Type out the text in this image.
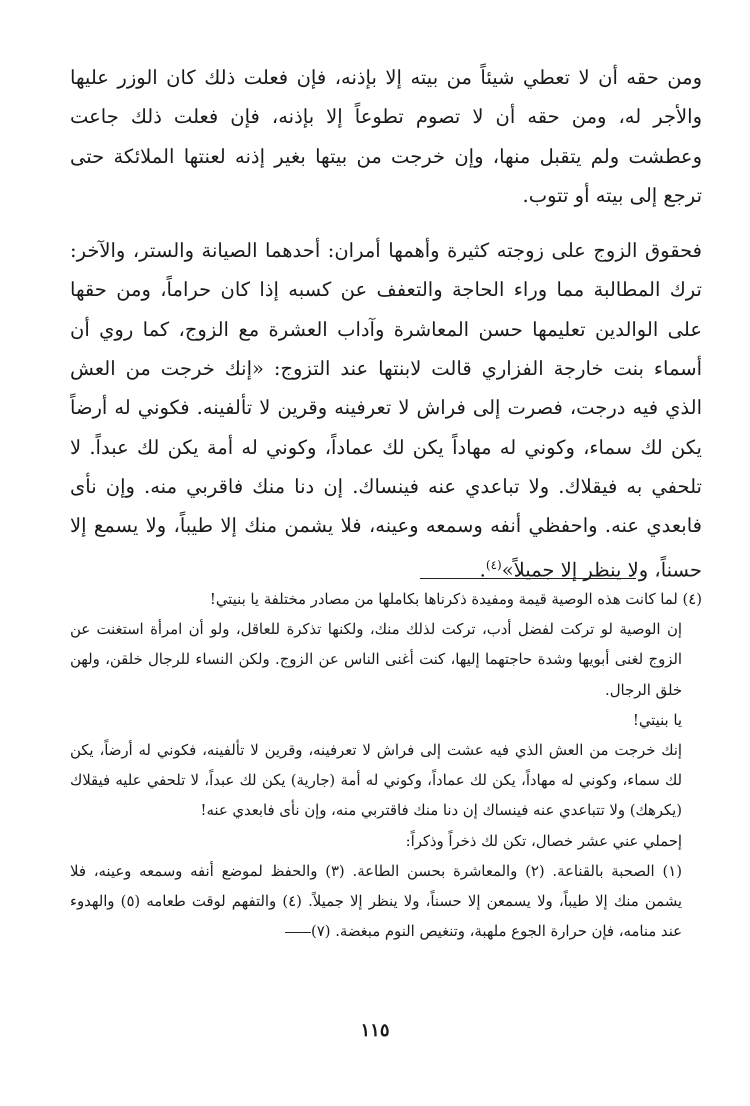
ومن حقه أن لا تعطي شيئاً من بيته إلا بإذنه، فإن فعلت ذلك كان الوزر عليها والأجر له، ومن حقه أن لا تصوم تطوعاً إلا بإذنه، فإن فعلت ذلك جاعت وعطشت ولم يتقبل منها، وإن خرجت من بيتها بغير إذنه لعنتها الملائكة حتى ترجع إلى بيته أو تتوب.

فحقوق الزوج على زوجته كثيرة وأهمها أمران: أحدهما الصيانة والستر، والآخر: ترك المطالبة مما وراء الحاجة والتعفف عن كسبه إذا كان حراماً، ومن حقها على الوالدين تعليمها حسن المعاشرة وآداب العشرة مع الزوج، كما روي أن أسماء بنت خارجة الفزاري قالت لابنتها عند التزوج: «إنك خرجت من العش الذي فيه درجت، فصرت إلى فراش لا تعرفينه وقرين لا تألفينه. فكوني له أرضاً يكن لك سماء، وكوني له مهاداً يكن لك عماداً، وكوني له أمة يكن لك عبداً. لا تلحفي به فيقلاك. ولا تباعدي عنه فينساك. إن دنا منك فاقربي منه. وإن نأى فابعدي عنه. واحفظي أنفه وسمعه وعينه، فلا يشمن منك إلا طيباً، ولا يسمع إلا حسناً، ولا ينظر إلا جميلاً»$^{(٤)}$.

(٤) لما كانت هذه الوصية قيمة ومفيدة ذكرناها بكاملها من مصادر مختلفة يا بنيتي!

إن الوصية لو تركت لفضل أدب، تركت لذلك منك، ولكنها تذكرة للعاقل، ولو أن امرأة استغنت عن الزوج لغنى أبويها وشدة حاجتهما إليها، كنت أغنى الناس عن الزوج. ولكن النساء للرجال خلقن، ولهن خلق الرجال.

يا بنيتي!

إنك خرجت من العش الذي فيه عشت إلى فراش لا تعرفينه، وقرين لا تألفينه، فكوني له أرضاً، يكن لك سماء، وكوني له مهاداً، يكن لك عماداً، وكوني له أمة (جارية) يكن لك عبداً، لا تلحفي عليه فيقلاك (يكرهك) ولا تتباعدي عنه فينساك إن دنا منك فاقتربي منه، وإن نأى فابعدي عنه!

إحملي عني عشر خصال، تكن لك ذخراً وذكراً:

(١) الصحبة بالقناعة. (٢) والمعاشرة بحسن الطاعة. (٣) والحفظ لموضع أنفه وسمعه وعينه، فلا يشمن منك إلا طيباً، ولا يسمعن إلا حسناً، ولا ينظر إلا جميلاً. (٤) والتفهم لوقت طعامه (٥) والهدوء عند منامه، فإن حرارة الجوع ملهبة، وتنغيص النوم مبغضة. (٧)

١١٥
